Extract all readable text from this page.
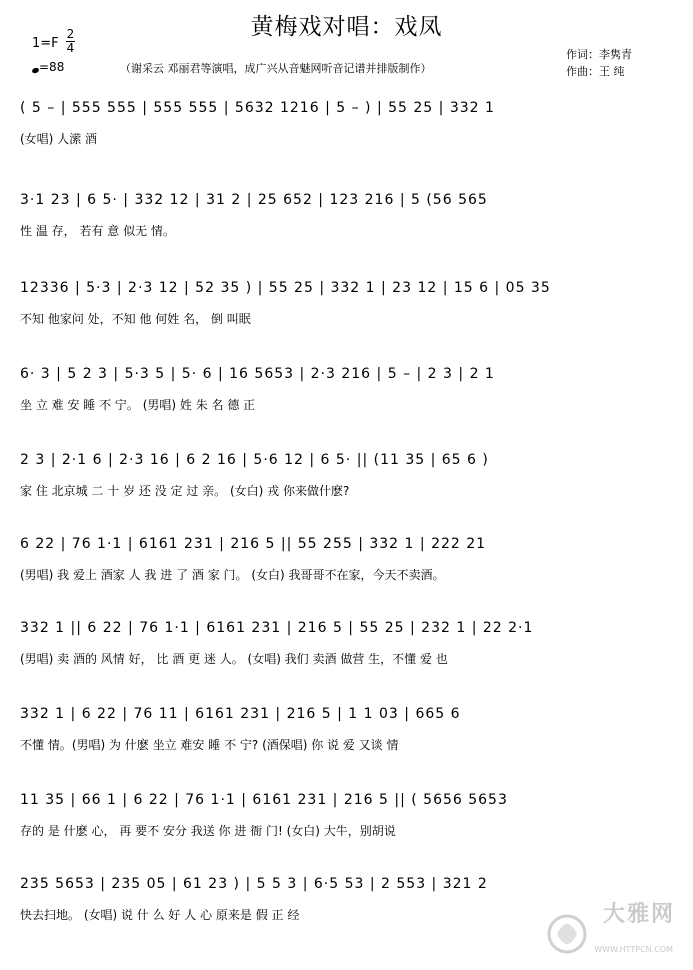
黄梅戏对唱：戏凤
1=F
2
4
=88	（谢采云 邓丽君等演唱，成广兴从音魅网听音记谱并排版制作）
作词：李隽青
作曲：王 纯
( 5 – | 555 555 | 555 555 | 5632 1216 | 5 – ) | 55 25 | 332 1
(女唱) 人潆 酒
3·1 23 | 6 5· | 332 12 | 31 2 | 25 652 | 123 216 | 5 (56 565
性 温 存， 若有 意 似无 情。
12336 | 5·3 | 2·3 12 | 52 35 ) | 55 25 | 332 1 | 23 12 | 15 6 | 05 35
不知 他家问 处，不知 他 何姓 名， 倒 叫眠
6· 3 | 5 2 3 | 5·3 5 | 5· 6 | 16 5653 | 2·3 216 | 5 – | 2 3 | 2 1
坐 立 难 安 睡 不 宁。 (男唱) 姓 朱 名 德 正
2 3 | 2·1 6 | 2·3 16 | 6 2 16 | 5·6 12 | 6 5· || (11 35 | 65 6 )
家 住 北京城 二 十 岁 还 没 定 过 亲。 (女白) 戎 你来做什麽?
6 22 | 76 1·1 | 6161 231 | 216 5 || 55 255 | 332 1 | 222 21
(男唱) 我 爱上 酒家 人 我 进 了 酒 家 门。 (女白) 我哥哥不在家，今天不卖酒。
332 1 || 6 22 | 76 1·1 | 6161 231 | 216 5 | 55 25 | 232 1 | 22 2·1
(男唱) 卖 酒的 风情 好， 比 酒 更 迷 人。 (女唱) 我们 卖酒 做营 生，不懂 爱 也
332 1 | 6 22 | 76 11 | 6161 231 | 216 5 | 1 1 03 | 665 6
不懂 情。(男唱) 为 什麽 坐立 难安 睡 不 宁? (酒保唱) 你 说 爱 又谈 情
11 35 | 66 1 | 6 22 | 76 1·1 | 6161 231 | 216 5 || ( 5656 5653
存的 是 什麽 心， 再 要不 安分 我送 你 进 衙 门! (女白) 大牛，别胡说
235 5653 | 235 05 | 61 23 ) | 5 5 3 | 6·5 53 | 2 553 | 321 2
快去扫地。 (女唱) 说 什 么 好 人 心 原来是 假 正 经	大雅网
WWW.HTTPCN.COM
